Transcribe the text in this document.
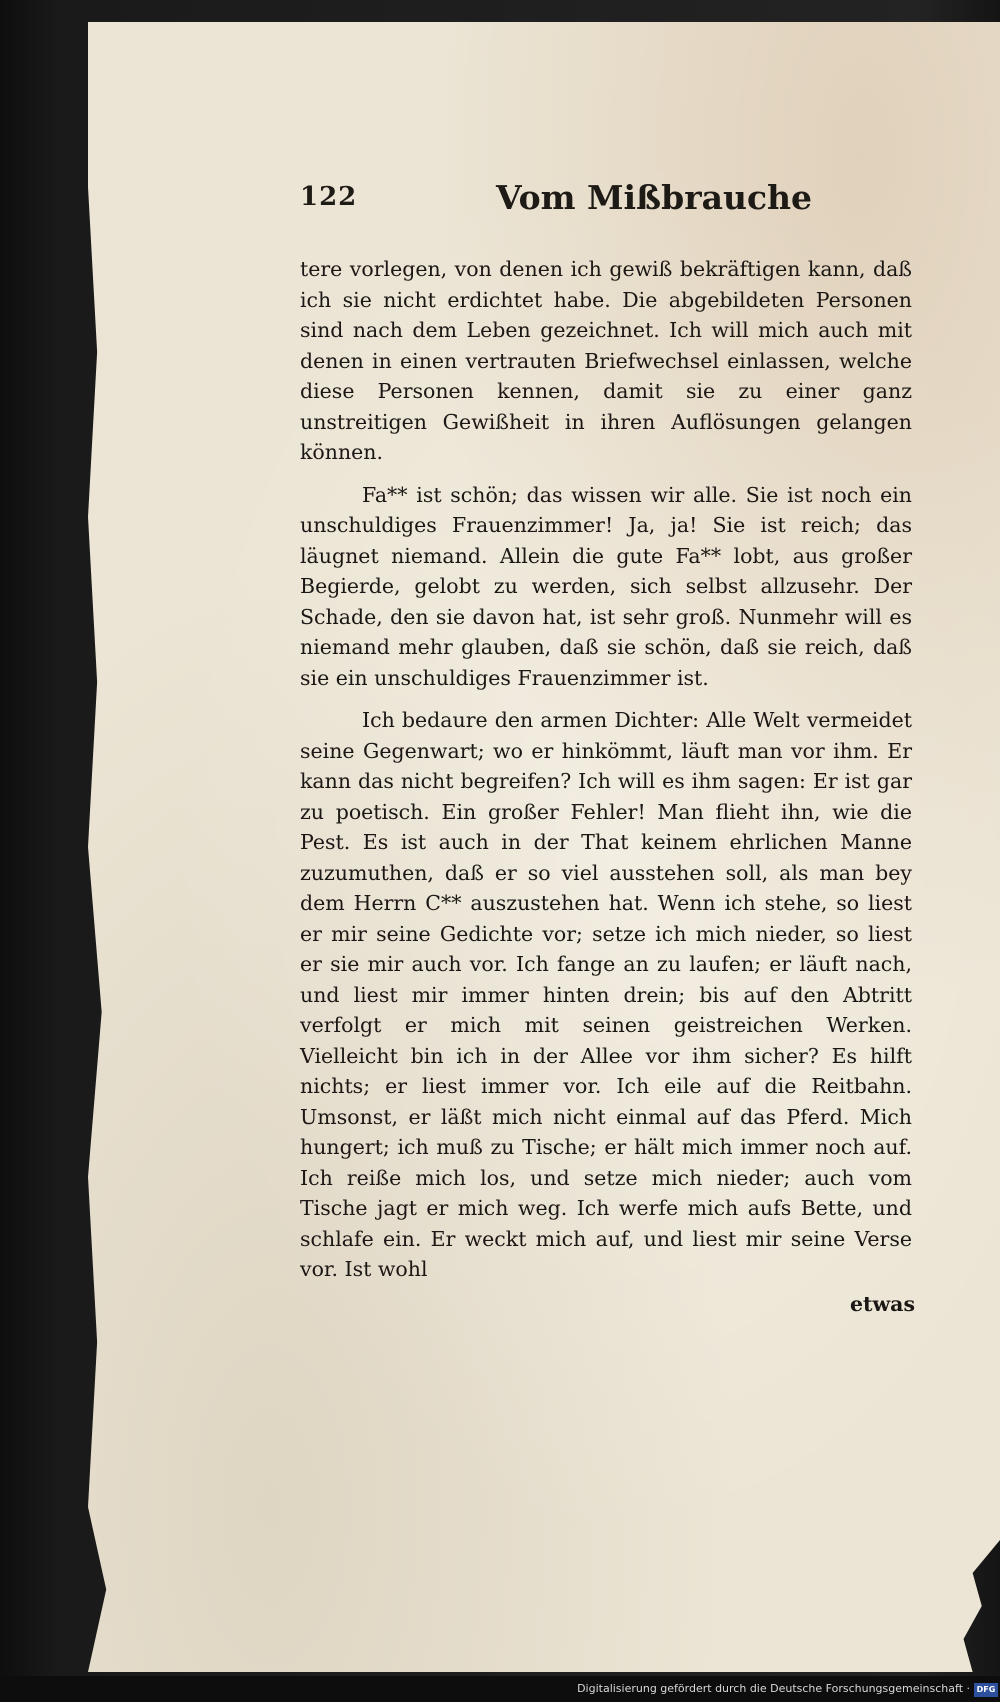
122	Vom Mißbrauche

tere vorlegen, von denen ich gewiß bekräftigen kann, daß ich sie nicht erdichtet habe. Die abgebildeten Personen sind nach dem Leben gezeichnet. Ich will mich auch mit denen in einen vertrauten Briefwechsel einlassen, welche diese Personen kennen, damit sie zu einer ganz unstreitigen Gewißheit in ihren Auflösungen gelangen können.

Fa** ist schön; das wissen wir alle. Sie ist noch ein unschuldiges Frauenzimmer! Ja, ja! Sie ist reich; das läugnet niemand. Allein die gute Fa** lobt, aus großer Begierde, gelobt zu werden, sich selbst allzusehr. Der Schade, den sie davon hat, ist sehr groß. Nunmehr will es niemand mehr glauben, daß sie schön, daß sie reich, daß sie ein unschuldiges Frauenzimmer ist.

Ich bedaure den armen Dichter: Alle Welt vermeidet seine Gegenwart; wo er hinkömmt, läuft man vor ihm. Er kann das nicht begreifen? Ich will es ihm sagen: Er ist gar zu poetisch. Ein großer Fehler! Man flieht ihn, wie die Pest. Es ist auch in der That keinem ehrlichen Manne zuzumuthen, daß er so viel ausstehen soll, als man bey dem Herrn C** auszustehen hat. Wenn ich stehe, so liest er mir seine Gedichte vor; setze ich mich nieder, so liest er sie mir auch vor. Ich fange an zu laufen; er läuft nach, und liest mir immer hinten drein; bis auf den Abtritt verfolgt er mich mit seinen geistreichen Werken. Vielleicht bin ich in der Allee vor ihm sicher? Es hilft nichts; er liest immer vor. Ich eile auf die Reitbahn. Umsonst, er läßt mich nicht einmal auf das Pferd. Mich hungert; ich muß zu Tische; er hält mich immer noch auf. Ich reiße mich los, und setze mich nieder; auch vom Tische jagt er mich weg. Ich werfe mich aufs Bette, und schlafe ein. Er weckt mich auf, und liest mir seine Verse vor. Ist wohl

etwas
Digitalisierung gefördert durch die Deutsche Forschungsgemeinschaft · DFG
